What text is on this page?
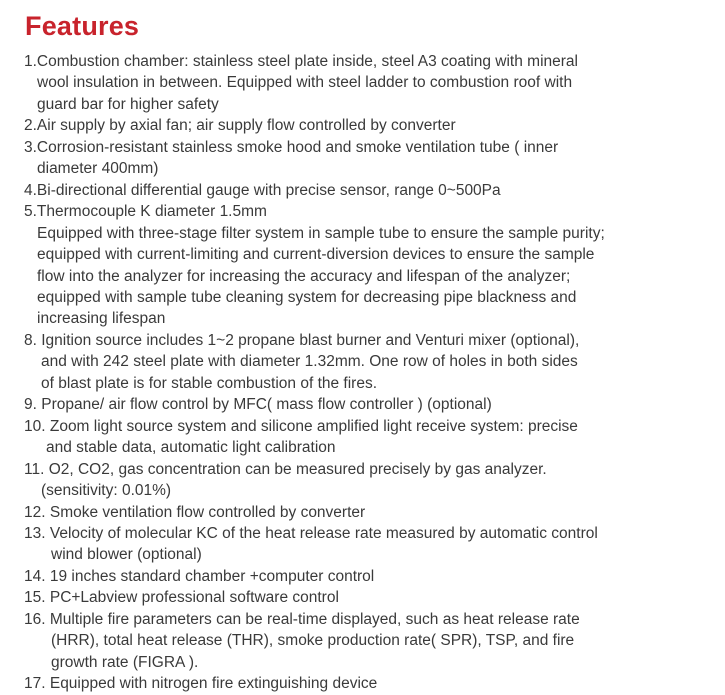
Features
1.Combustion chamber: stainless steel plate inside, steel A3 coating with mineral
wool insulation in between. Equipped with steel ladder to combustion roof with
guard bar for higher safety
2.Air supply by axial fan; air supply flow controlled by converter
3.Corrosion-resistant stainless smoke hood and smoke ventilation tube ( inner
diameter 400mm)
4.Bi-directional differential gauge with precise sensor, range 0~500Pa
5.Thermocouple K diameter 1.5mm
Equipped with three-stage filter system in sample tube to ensure the sample purity;
equipped with current-limiting and current-diversion devices to ensure the sample
flow into the analyzer for increasing the accuracy and lifespan of the analyzer;
equipped with sample tube cleaning system for decreasing pipe blackness and
increasing lifespan
8. Ignition source includes 1~2 propane blast burner and Venturi mixer (optional),
and with 242 steel plate with diameter 1.32mm. One row of holes in both sides
of blast plate is for stable combustion of the fires.
9. Propane/ air flow control by MFC( mass flow controller ) (optional)
10. Zoom light source system and silicone amplified light receive system: precise
and stable data, automatic light calibration
11. O2, CO2, gas concentration can be measured precisely by gas analyzer.
(sensitivity: 0.01%)
12. Smoke ventilation flow controlled by converter
13. Velocity of molecular KC of the heat release rate measured by automatic control
wind blower (optional)
14. 19 inches standard chamber +computer control
15. PC+Labview professional software control
16. Multiple fire parameters can be real-time displayed, such as heat release rate
(HRR), total heat release (THR), smoke production rate( SPR), TSP, and fire
growth rate (FIGRA ).
17. Equipped with nitrogen fire extinguishing device
